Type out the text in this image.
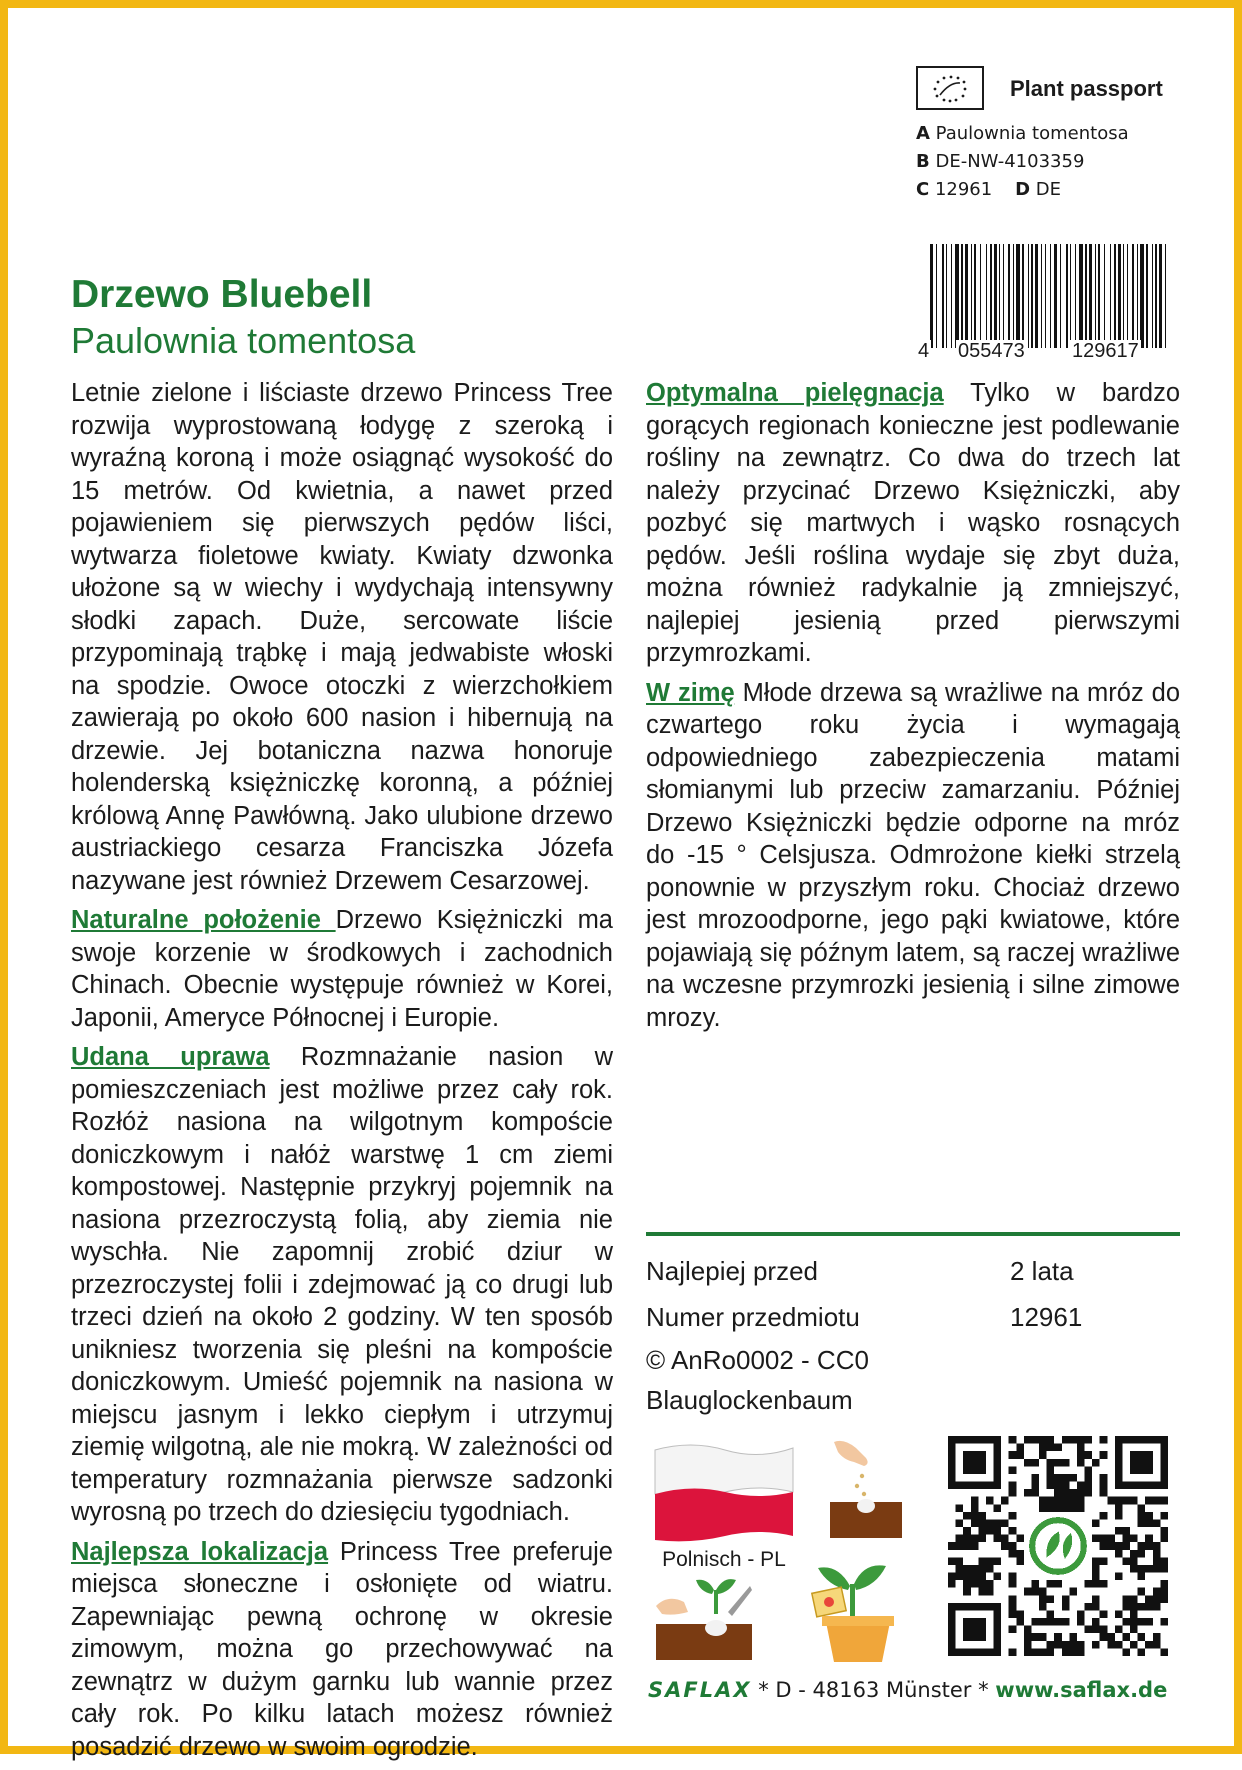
Plant passport
A Paulownia tomentosa
B DE-NW-4103359
C 12961 D DE
4 055473 129617
Drzewo Bluebell
Paulownia tomentosa

Letnie zielone i liściaste drzewo Princess Tree rozwija wyprostowaną łodygę z szeroką i wyraźną koroną i może osiągnąć wysokość do 15 metrów. Od kwietnia, a nawet przed pojawieniem się pierwszych pędów liści, wytwarza fioletowe kwiaty. Kwiaty dzwonka ułożone są w wiechy i wydychają intensywny słodki zapach. Duże, sercowate liście przypominają trąbkę i mają jedwabiste włoski na spodzie. Owoce otoczki z wierzchołkiem zawierają po około 600 nasion i hibernują na drzewie. Jej botaniczna nazwa honoruje holenderską księżniczkę koronną, a później królową Annę Pawłówną. Jako ulubione drzewo austriackiego cesarza Franciszka Józefa nazywane jest również Drzewem Cesarzowej.

Naturalne położenie Drzewo Księżniczki ma swoje korzenie w środkowych i zachodnich Chinach. Obecnie występuje również w Korei, Japonii, Ameryce Północnej i Europie.

Udana uprawa Rozmnażanie nasion w pomieszczeniach jest możliwe przez cały rok. Rozłóż nasiona na wilgotnym kompoście doniczkowym i nałóż warstwę 1 cm ziemi kompostowej. Następnie przykryj pojemnik na nasiona przezroczystą folią, aby ziemia nie wyschła. Nie zapomnij zrobić dziur w przezroczystej folii i zdejmować ją co drugi lub trzeci dzień na około 2 godziny. W ten sposób unikniesz tworzenia się pleśni na kompoście doniczkowym. Umieść pojemnik na nasiona w miejscu jasnym i lekko ciepłym i utrzymuj ziemię wilgotną, ale nie mokrą. W zależności od temperatury rozmnażania pierwsze sadzonki wyrosną po trzech do dziesięciu tygodniach.

Najlepsza lokalizacja Princess Tree preferuje miejsca słoneczne i osłonięte od wiatru. Zapewniając pewną ochronę w okresie zimowym, można go przechowywać na zewnątrz w dużym garnku lub wannie przez cały rok. Po kilku latach możesz również posadzić drzewo w swoim ogrodzie.

Optymalna pielęgnacja Tylko w bardzo gorących regionach konieczne jest podlewanie rośliny na zewnątrz. Co dwa do trzech lat należy przycinać Drzewo Księżniczki, aby pozbyć się martwych i wąsko rosnących pędów. Jeśli roślina wydaje się zbyt duża, można również radykalnie ją zmniejszyć, najlepiej jesienią przed pierwszymi przymrozkami.

W zimę Młode drzewa są wrażliwe na mróz do czwartego roku życia i wymagają odpowiedniego zabezpieczenia matami słomianymi lub przeciw zamarzaniu. Później Drzewo Księżniczki będzie odporne na mróz do -15 ° Celsjusza. Odmrożone kiełki strzelą ponownie w przyszłym roku. Chociaż drzewo jest mrozoodporne, jego pąki kwiatowe, które pojawiają się późnym latem, są raczej wrażliwe na wczesne przymrozki jesienią i silne zimowe mrozy.

Najlepiej przed	2 lata
Numer przedmiotu	12961
© AnRo0002 - CC0
Blauglockenbaum
Polnisch - PL
SAFLAX * D - 48163 Münster * www.saflax.de
